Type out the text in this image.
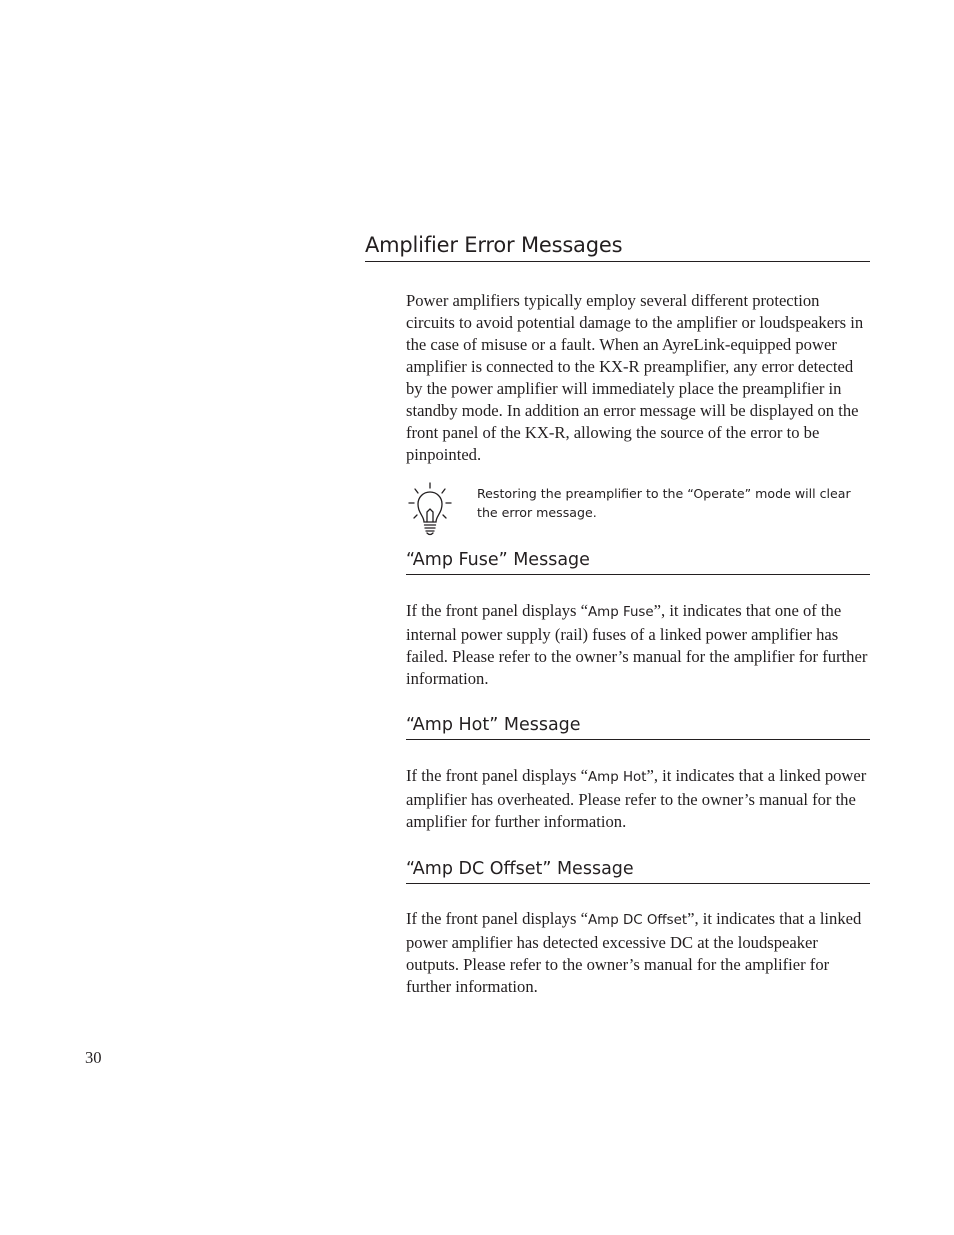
Amplifier Error Messages

Power amplifiers typically employ several different protection circuits to avoid potential damage to the amplifier or loudspeakers in the case of misuse or a fault. When an AyreLink-equipped power amplifier is connected to the KX-R preamplifier, any error detected by the power amplifier will immediately place the preamplifier in standby mode. In addition an error message will be displayed on the front panel of the KX-R, allowing the source of the error to be pinpointed.

Restoring the preamplifier to the “Operate” mode will clear the error message.

“Amp Fuse” Message

If the front panel displays “Amp Fuse”, it indicates that one of the internal power supply (rail) fuses of a linked power amplifier has failed. Please refer to the owner’s manual for the amplifier for further information.

“Amp Hot” Message

If the front panel displays “Amp Hot”, it indicates that a linked power amplifier has overheated. Please refer to the owner’s manual for the amplifier for further information.

“Amp DC Offset” Message

If the front panel displays “Amp DC Offset”, it indicates that a linked power amplifier has detected excessive DC at the loudspeaker outputs. Please refer to the owner’s manual for the amplifier for further information.

30
